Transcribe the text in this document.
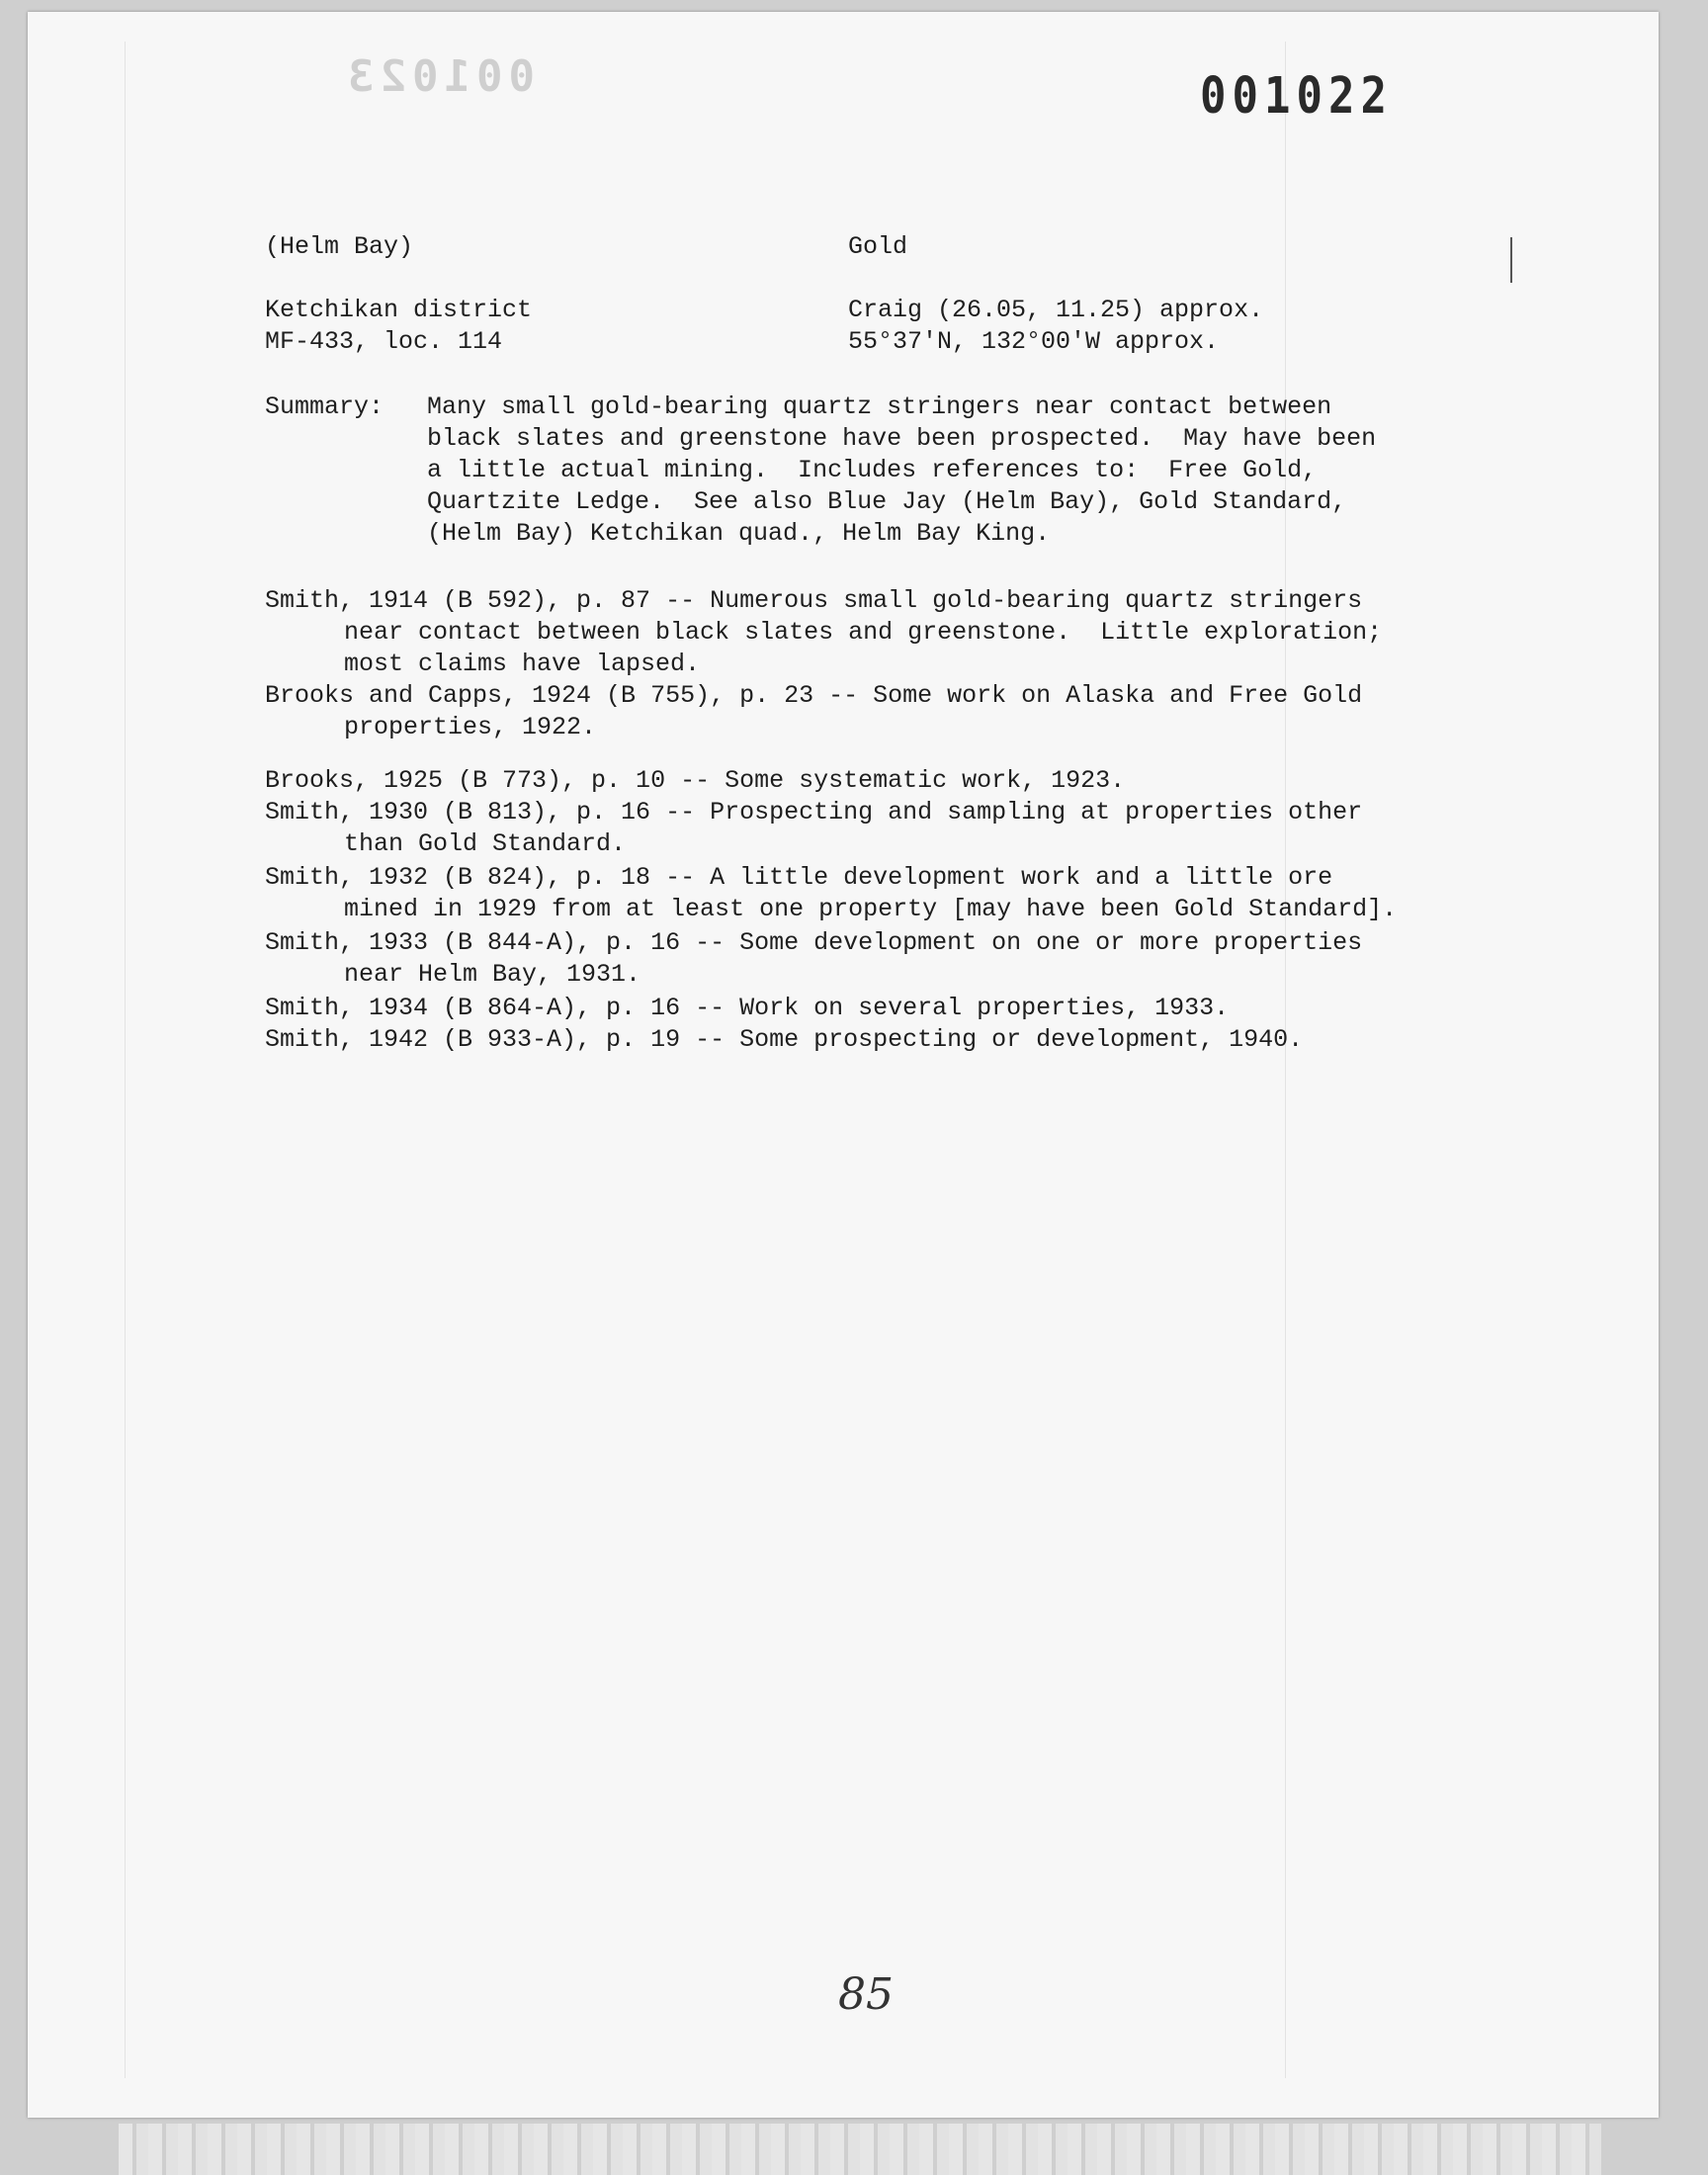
001023	001022
(Helm Bay)	Gold
Ketchikan district	Craig (26.05, 11.25) approx.
MF-433, loc. 114	55°37'N, 132°00'W approx.
Summary: Many small gold-bearing quartz stringers near contact between
black slates and greenstone have been prospected.  May have been
a little actual mining.  Includes references to:  Free Gold,
Quartzite Ledge.  See also Blue Jay (Helm Bay), Gold Standard,
(Helm Bay) Ketchikan quad., Helm Bay King.
Smith, 1914 (B 592), p. 87 -- Numerous small gold-bearing quartz stringers
near contact between black slates and greenstone.  Little exploration;
most claims have lapsed.
Brooks and Capps, 1924 (B 755), p. 23 -- Some work on Alaska and Free Gold
properties, 1922.
Brooks, 1925 (B 773), p. 10 -- Some systematic work, 1923.
Smith, 1930 (B 813), p. 16 -- Prospecting and sampling at properties other
than Gold Standard.
Smith, 1932 (B 824), p. 18 -- A little development work and a little ore
mined in 1929 from at least one property [may have been Gold Standard].
Smith, 1933 (B 844-A), p. 16 -- Some development on one or more properties
near Helm Bay, 1931.
Smith, 1934 (B 864-A), p. 16 -- Work on several properties, 1933.
Smith, 1942 (B 933-A), p. 19 -- Some prospecting or development, 1940.
85
